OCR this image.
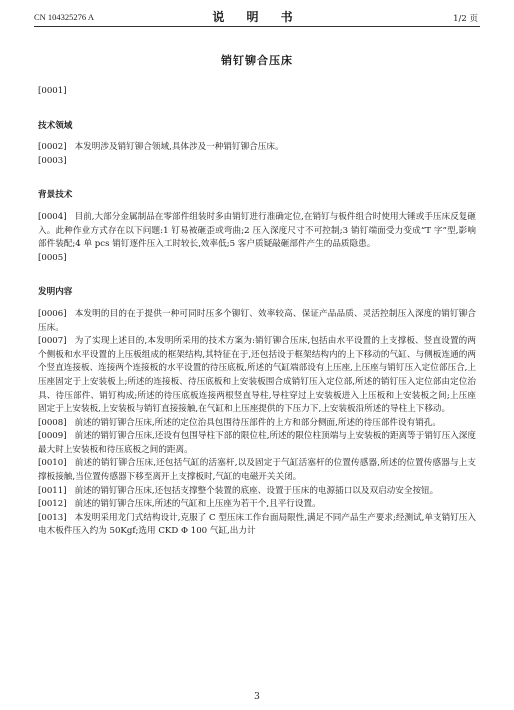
CN 104325276 A	说 明 书	1/2 页
销钉铆合压床

[0001]

技术领域

[0002] 本发明涉及销钉铆合领域,具体涉及一种销钉铆合压床。

[0003]

背景技术

[0004] 目前,大部分金属制品在零部件组装时多由销钉进行准确定位,在销钉与板件组合时使用大锤或手压床反复砸入。此种作业方式存在以下问题:1 钉易被砸歪或弯曲;2 压入深度尺寸不可控制;3 销钉端面受力变成“T 字”型,影响部件装配;4 单 pcs 销钉逐件压入工时较长,效率低;5 客户质疑敲砸部件产生的品质隐患。

[0005]

发明内容

[0006] 本发明的目的在于提供一种可同时压多个铆钉、效率较高、保证产品品质、灵活控制压入深度的销钉铆合压床。

[0007] 为了实现上述目的,本发明所采用的技术方案为:销钉铆合压床,包括由水平设置的上支撑板、竖直设置的两个侧板和水平设置的上压板组成的框架结构,其特征在于,还包括设于框架结构内的上下移动的气缸、与侧板连通的两个竖直连接板、连接两个连接板的水平设置的待压底板,所述的气缸端部设有上压座,上压座与销钉压入定位部压合,上压座固定于上安装板上;所述的连接板、待压底板和上安装板围合成销钉压入定位部,所述的销钉压入定位部由定位治具、待压部件、销钉构成;所述的待压底板连接两根竖直导柱,导柱穿过上安装板进入上压板和上安装板之间;上压座固定于上安装板,上安装板与销钉直接接触,在气缸和上压座提供的下压力下,上安装板沿所述的导柱上下移动。

[0008] 前述的销钉铆合压床,所述的定位治具包围待压部件的上方和部分侧面,所述的待压部件设有销孔。

[0009] 前述的销钉铆合压床,还设有包围导柱下部的限位柱,所述的限位柱顶端与上安装板的距离等于销钉压入深度最大时上安装板和待压底板之间的距离。

[0010] 前述的销钉铆合压床,还包括气缸的活塞杆,以及固定于气缸活塞杆的位置传感器,所述的位置传感器与上支撑板接触,当位置传感器下移至离开上支撑板时,气缸的电磁开关关闭。

[0011] 前述的销钉铆合压床,还包括支撑整个装置的底座、设置于压床的电源插口以及双启动安全按钮。

[0012] 前述的销钉铆合压床,所述的气缸和上压座为若干个,且平行设置。

[0013] 本发明采用龙门式结构设计,克服了 C 型压床工作台面局限性,满足不同产品生产要求;经测试,单支销钉压入电木板件压入约为 50Kgf;选用 CKD Φ 100 气缸,出力计

3
